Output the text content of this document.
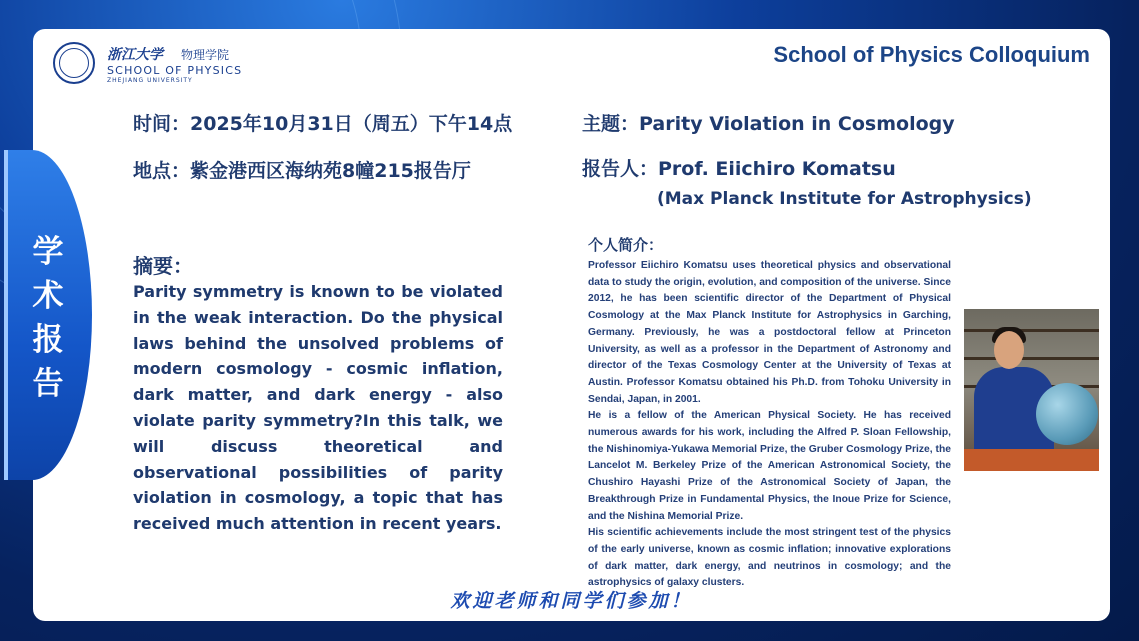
浙江大学 物理学院
SCHOOL OF PHYSICS
ZHEJIANG UNIVERSITY
School of Physics Colloquium
时间：2025年10月31日（周五）下午14点
地点：紫金港西区海纳苑8幢215报告厅
主题：Parity Violation in Cosmology
报告人：Prof. Eiichiro Komatsu
(Max Planck Institute for Astrophysics)
摘要：
Parity symmetry is known to be violated in the weak interaction. Do the physical laws behind the unsolved problems of modern cosmology - cosmic inflation, dark matter, and dark energy - also violate parity symmetry?In this talk, we will discuss theoretical and observational possibilities of parity violation in cosmology, a topic that has received much attention in recent years.
个人简介：

Professor Eiichiro Komatsu uses theoretical physics and observational data to study the origin, evolution, and composition of the universe. Since 2012, he has been scientific director of the Department of Physical Cosmology at the Max Planck Institute for Astrophysics in Garching, Germany. Previously, he was a postdoctoral fellow at Princeton University, as well as a professor in the Department of Astronomy and director of the Texas Cosmology Center at the University of Texas at Austin. Professor Komatsu obtained his Ph.D. from Tohoku University in Sendai, Japan, in 2001.

He is a fellow of the American Physical Society. He has received numerous awards for his work, including the Alfred P. Sloan Fellowship, the Nishinomiya-Yukawa Memorial Prize, the Gruber Cosmology Prize, the Lancelot M. Berkeley Prize of the American Astronomical Society, the Chushiro Hayashi Prize of the Astronomical Society of Japan, the Breakthrough Prize in Fundamental Physics, the Inoue Prize for Science, and the Nishina Memorial Prize.

His scientific achievements include the most stringent test of the physics of the early universe, known as cosmic inflation; innovative explorations of dark matter, dark energy, and neutrinos in cosmology; and the astrophysics of galaxy clusters.

欢迎老师和同学们参加！
学术报告
